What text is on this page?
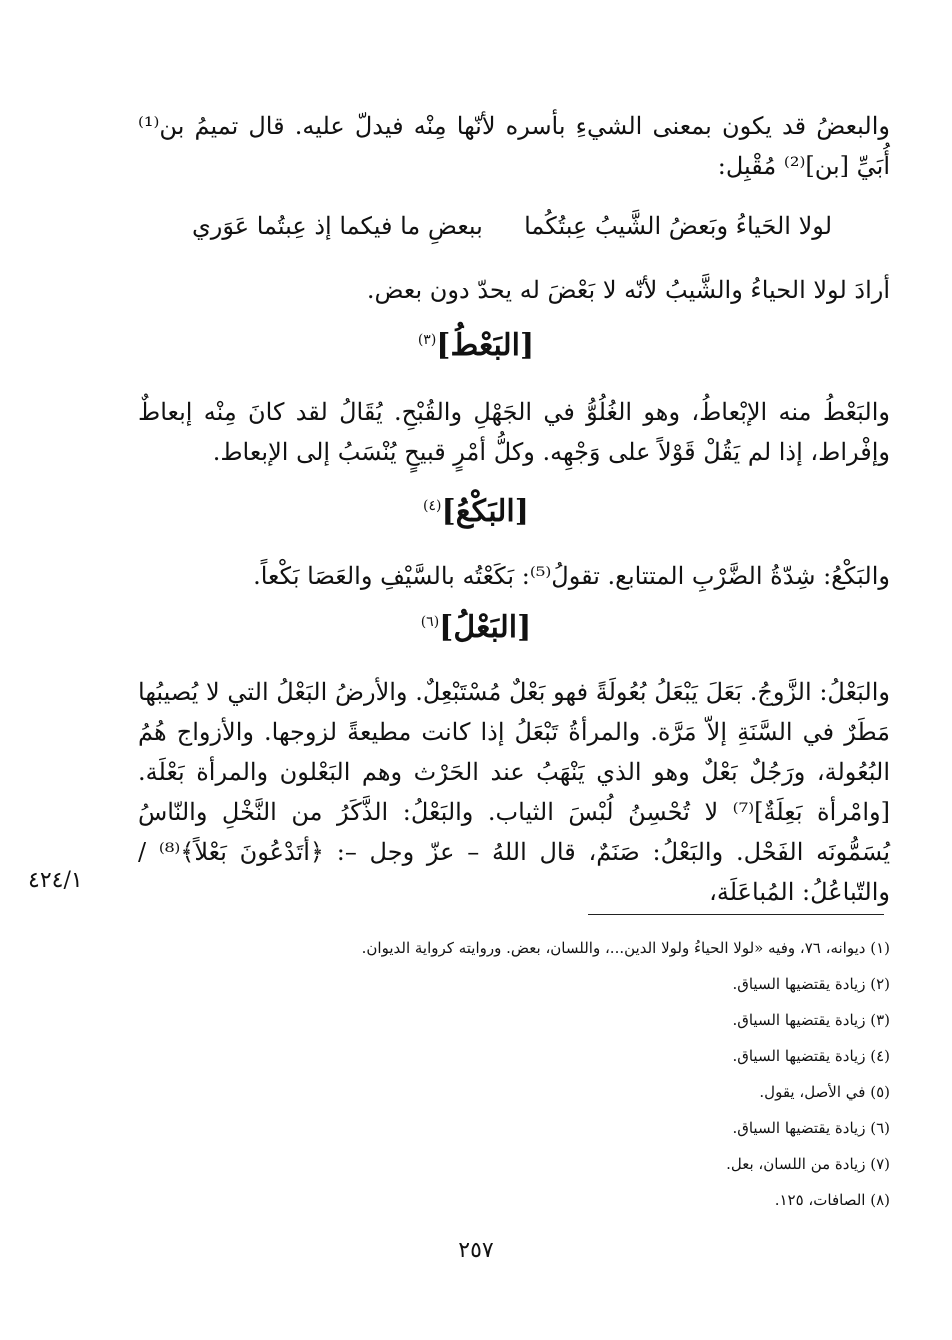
والبعضُ قد يكون بمعنى الشيءِ بأسره لأنّها مِنْه فيدلّ عليه. قال تميمُ بن⁽¹⁾ أُبَيِّ [بن]⁽²⁾ مُقْبِل:
لولا الحَياءُ وبَعضُ الشَّيبُ عِبتُكُما
ببعضِ ما فيكما إذ عِبتُما عَوَري
أرادَ لولا الحياءُ والشَّيبُ لأنّه لا بَعْضَ له يحدّ دون بعض.
[البَعْطُ]$^{(٣)}$
والبَعْطُ منه الإبْعاطُ، وهو الغُلُوُّ في الجَهْلِ والقُبْحِ. يُقَالُ لقد كانَ مِنْه إبعاطٌ وإفْراط، إذا لم يَقُلْ قَوْلاً على وَجْهِه. وكلُّ أمْرٍ قبيحٍ يُنْسَبُ إلى الإبعاط.
[البَكْعُ]$^{(٤)}$
والبَكْعُ: شِدّةُ الضَّرْبِ المتتابع. تقولُ⁽⁵⁾: بَكَعْتُه بالسَّيْفِ والعَصَا بَكْعاً.
[البَعْلُ]$^{(٦)}$
والبَعْلُ: الزَّوجُ. بَعَلَ يَبْعَلُ بُعُولَةً فهو بَعْلٌ مُسْتَبْعِلٌ. والأرضُ البَعْلُ التي لا يُصيبُها مَطَرٌ في السَّنَةِ إلاّ مَرَّة. والمرأةُ تَبْعَلُ إذا كانت مطيعةً لزوجها. والأزواج هُمُ البُعُولة، ورَجُلٌ بَعْلٌ وهو الذي يَنْهَبُ عند الحَرْث وهم البَعْلون والمرأة بَعْلَة. [وامْرأة بَعِلَةٌ]⁽⁷⁾ لا تُحْسِنُ لُبْسَ الثياب. والبَعْلُ: الذَّكَرُ من النَّخْلِ والنّاسُ يُسَمُّونَه الفَحْل. والبَعْلُ: صَنَمٌ، قال اللهُ – عزّ وجل –: ﴿أتَدْعُونَ بَعْلاً﴾⁽⁸⁾ / والتّباعُلُ: المُباعَلَة،
٤٢٤/١
(١) ديوانه، ٧٦، وفيه «لولا الحياءُ ولولا الدين...، واللسان، بعض. وروايته كرواية الديوان.
(٢) زيادة يقتضيها السياق.
(٣) زيادة يقتضيها السياق.
(٤) زيادة يقتضيها السياق.
(٥) في الأصل، يقول.
(٦) زيادة يقتضيها السياق.
(٧) زيادة من اللسان، بعل.
(٨) الصافات، ١٢٥.
٢٥٧
